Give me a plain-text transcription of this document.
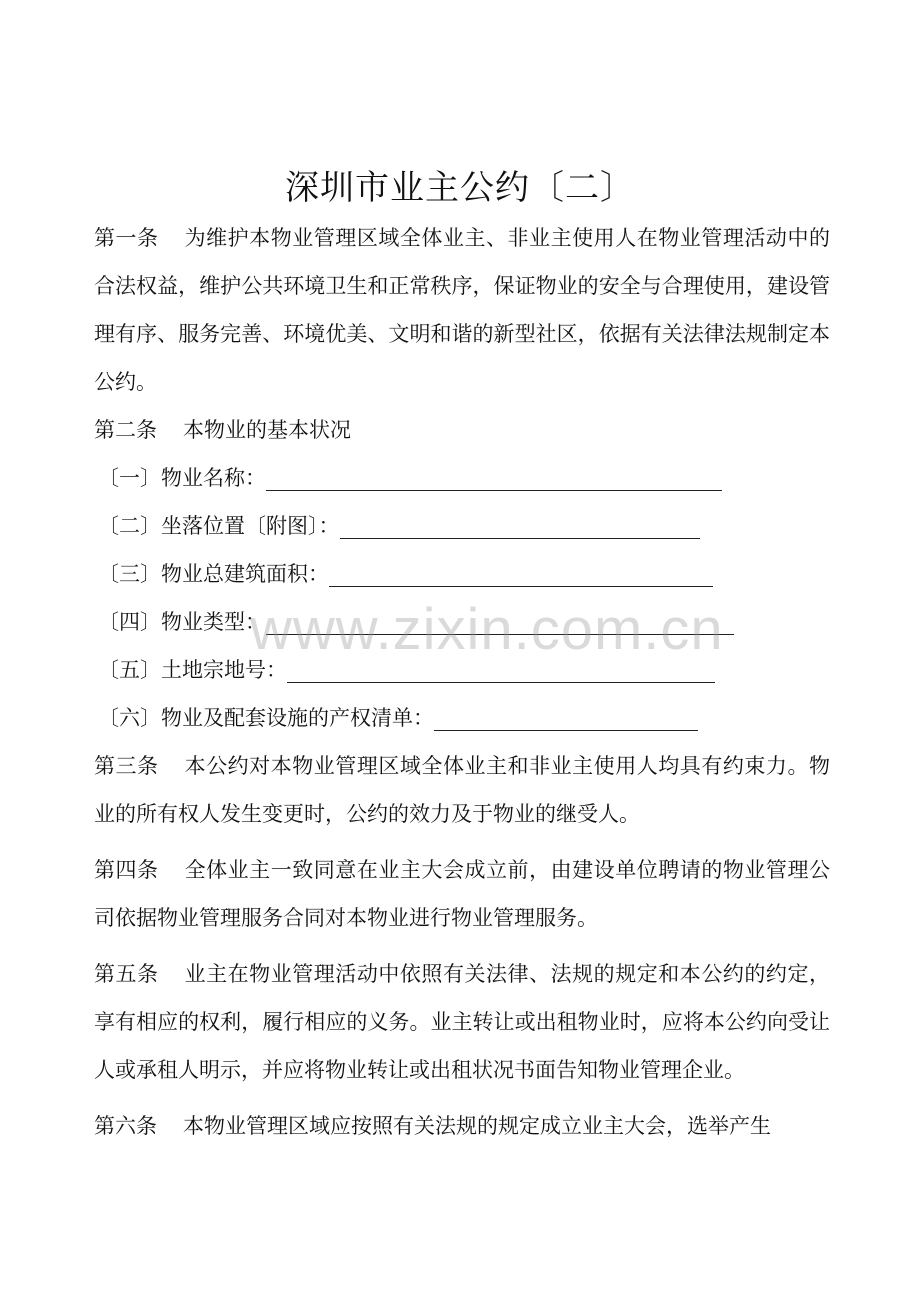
深圳市业主公约〔二〕
第一条 为维护本物业管理区域全体业主、非业主使用人在物业管理活动中的合法权益，维护公共环境卫生和正常秩序，保证物业的安全与合理使用，建设管理有序、服务完善、环境优美、文明和谐的新型社区，依据有关法律法规制定本公约。
第二条 本物业的基本状况
〔一〕物业名称：
〔二〕坐落位置〔附图〕：
〔三〕物业总建筑面积：
〔四〕物业类型：
〔五〕土地宗地号：
〔六〕物业及配套设施的产权清单：
第三条 本公约对本物业管理区域全体业主和非业主使用人均具有约束力。物业的所有权人发生变更时，公约的效力及于物业的继受人。
第四条 全体业主一致同意在业主大会成立前，由建设单位聘请的物业管理公司依据物业管理服务合同对本物业进行物业管理服务。
第五条 业主在物业管理活动中依照有关法律、法规的规定和本公约的约定，享有相应的权利，履行相应的义务。业主转让或出租物业时，应将本公约向受让人或承租人明示，并应将物业转让或出租状况书面告知物业管理企业。
第六条 本物业管理区域应按照有关法规的规定成立业主大会，选举产生
www.zixin.com.cn
